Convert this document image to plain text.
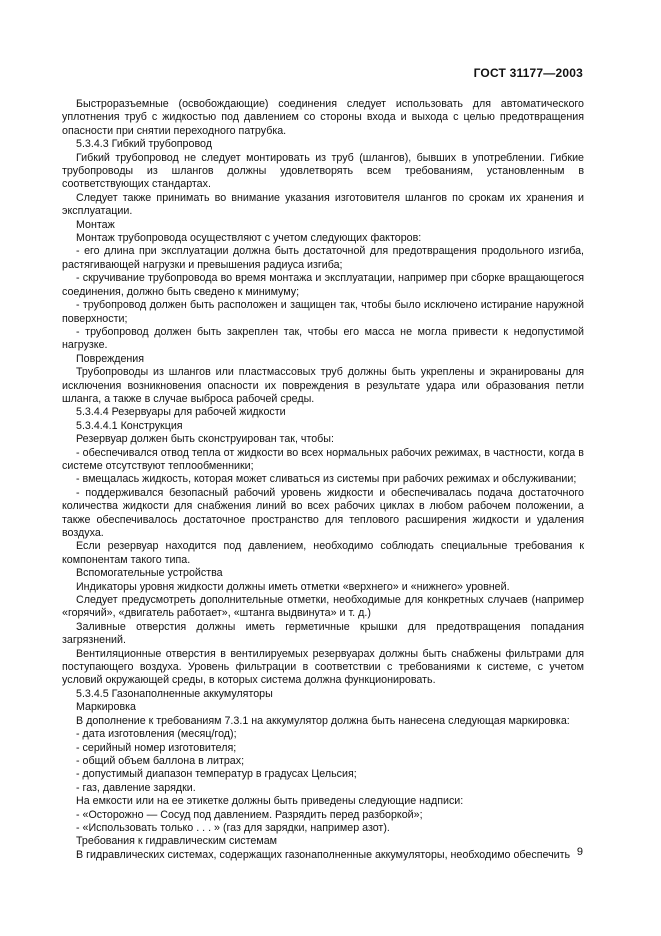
ГОСТ 31177—2003

Быстроразъемные (освобождающие) соединения следует использовать для автоматического уплотнения труб с жидкостью под давлением со стороны входа и выхода с целью предотвращения опасности при снятии переходного патрубка.

5.3.4.3 Гибкий трубопровод

Гибкий трубопровод не следует монтировать из труб (шлангов), бывших в употреблении. Гибкие трубопроводы из шлангов должны удовлетворять всем требованиям, установленным в соответствующих стандартах.

Следует также принимать во внимание указания изготовителя шлангов по срокам их хранения и эксплуатации.

Монтаж

Монтаж трубопровода осуществляют с учетом следующих факторов:

- его длина при эксплуатации должна быть достаточной для предотвращения продольного изгиба, растягивающей нагрузки и превышения радиуса изгиба;

- скручивание трубопровода во время монтажа и эксплуатации, например при сборке вращающегося соединения, должно быть сведено к минимуму;

- трубопровод должен быть расположен и защищен так, чтобы было исключено истирание наружной поверхности;

- трубопровод должен быть закреплен так, чтобы его масса не могла привести к недопустимой нагрузке.

Повреждения

Трубопроводы из шлангов или пластмассовых труб должны быть укреплены и экранированы для исключения возникновения опасности их повреждения в результате удара или образования петли шланга, а также в случае выброса рабочей среды.

5.3.4.4 Резервуары для рабочей жидкости

5.3.4.4.1 Конструкция

Резервуар должен быть сконструирован так, чтобы:

- обеспечивался отвод тепла от жидкости во всех нормальных рабочих режимах, в частности, когда в системе отсутствуют теплообменники;

- вмещалась жидкость, которая может сливаться из системы при рабочих режимах и обслуживании;

- поддерживался безопасный рабочий уровень жидкости и обеспечивалась подача достаточного количества жидкости для снабжения линий во всех рабочих циклах в любом рабочем положении, а также обеспечивалось достаточное пространство для теплового расширения жидкости и удаления воздуха.

Если резервуар находится под давлением, необходимо соблюдать специальные требования к компонентам такого типа.

Вспомогательные устройства

Индикаторы уровня жидкости должны иметь отметки «верхнего» и «нижнего» уровней.

Следует предусмотреть дополнительные отметки, необходимые для конкретных случаев (например «горячий», «двигатель работает», «штанга выдвинута» и т. д.)

Заливные отверстия должны иметь герметичные крышки для предотвращения попадания загрязнений.

Вентиляционные отверстия в вентилируемых резервуарах должны быть снабжены фильтрами для поступающего воздуха. Уровень фильтрации в соответствии с требованиями к системе, с учетом условий окружающей среды, в которых система должна функционировать.

5.3.4.5 Газонаполненные аккумуляторы

Маркировка

В дополнение к требованиям 7.3.1 на аккумулятор должна быть нанесена следующая маркировка:

- дата изготовления (месяц/год);

- серийный номер изготовителя;

- общий объем баллона в литрах;

- допустимый диапазон температур в градусах Цельсия;

- газ, давление зарядки.

На емкости или на ее этикетке должны быть приведены следующие надписи:

- «Осторожно — Сосуд под давлением. Разрядить перед разборкой»;

- «Использовать только . . . » (газ для зарядки, например азот).

Требования к гидравлическим системам

В гидравлических системах, содержащих газонаполненные аккумуляторы, необходимо обеспечить 9
